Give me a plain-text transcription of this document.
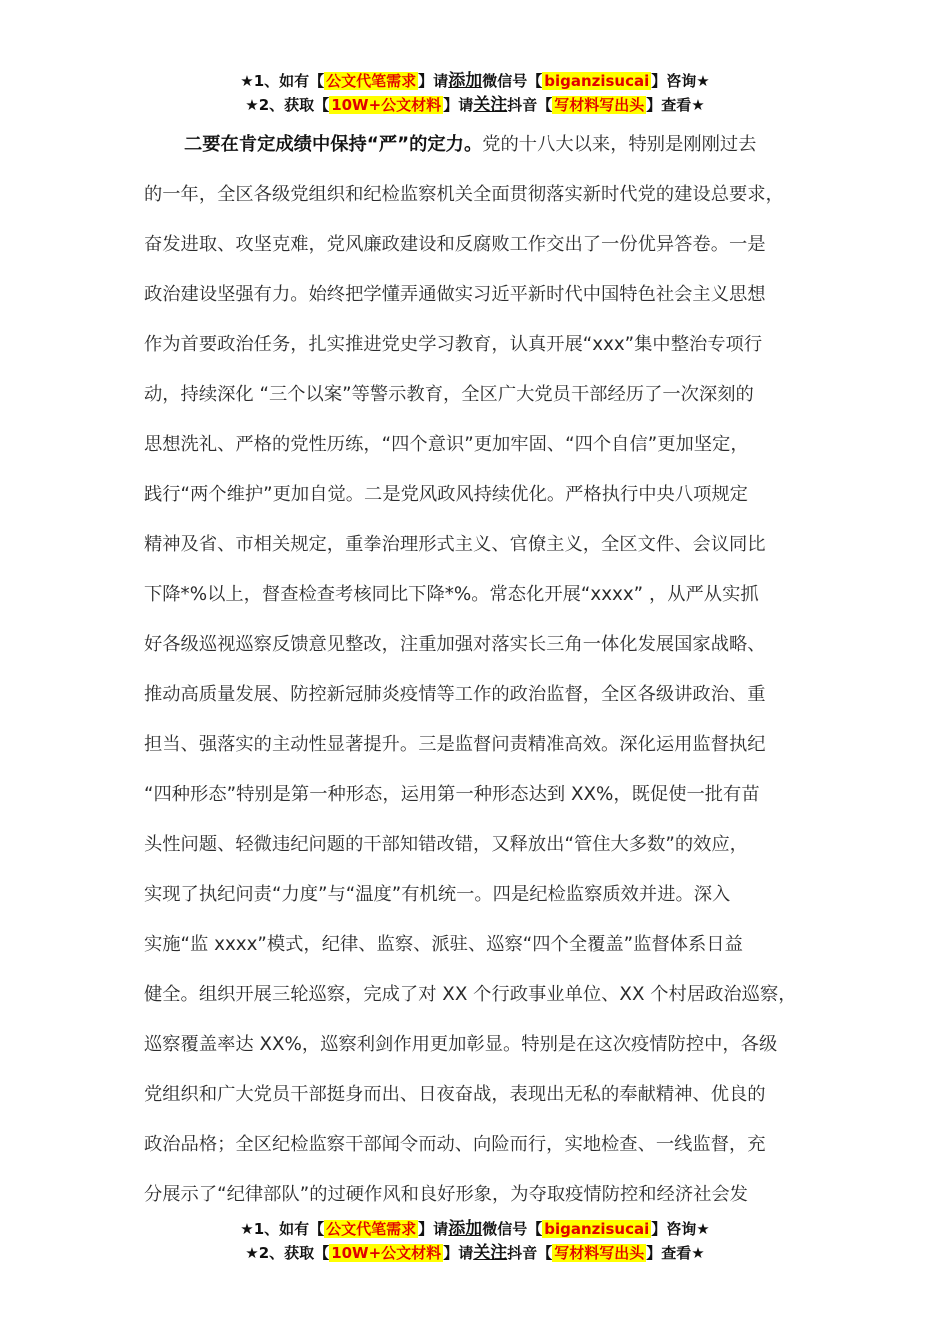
★1、如有【 公文代笔需求 】请添加微信号【 biganzisucai 】咨询★
★2、获取【 10W+公文材料 】请关注抖音【 写材料写出头 】查看★
二要在肯定成绩中保持“严”的定力。党的十八大以来，特别是刚刚过去
的一年，全区各级党组织和纪检监察机关全面贯彻落实新时代党的建设总要求，
奋发进取、攻坚克难，党风廉政建设和反腐败工作交出了一份优异答卷。一是
政治建设坚强有力。始终把学懂弄通做实习近平新时代中国特色社会主义思想
作为首要政治任务，扎实推进党史学习教育，认真开展“xxx”集中整治专项行
动，持续深化 “三个以案”等警示教育，全区广大党员干部经历了一次深刻的
思想洗礼、严格的党性历练，“四个意识”更加牢固、“四个自信”更加坚定，
践行“两个维护”更加自觉。二是党风政风持续优化。严格执行中央八项规定
精神及省、市相关规定，重拳治理形式主义、官僚主义，全区文件、会议同比
下降*%以上，督查检查考核同比下降*%。常态化开展“xxxx” ，从严从实抓
好各级巡视巡察反馈意见整改，注重加强对落实长三角一体化发展国家战略、
推动高质量发展、防控新冠肺炎疫情等工作的政治监督，全区各级讲政治、重
担当、强落实的主动性显著提升。三是监督问责精准高效。深化运用监督执纪
“四种形态”特别是第一种形态，运用第一种形态达到 XX%，既促使一批有苗
头性问题、轻微违纪问题的干部知错改错，又释放出“管住大多数”的效应，
实现了执纪问责“力度”与“温度”有机统一。四是纪检监察质效并进。深入
实施“监 xxxx”模式，纪律、监察、派驻、巡察“四个全覆盖”监督体系日益
健全。组织开展三轮巡察，完成了对 XX 个行政事业单位、XX 个村居政治巡察，
巡察覆盖率达 XX%，巡察利剑作用更加彰显。特别是在这次疫情防控中，各级
党组织和广大党员干部挺身而出、日夜奋战，表现出无私的奉献精神、优良的
政治品格；全区纪检监察干部闻令而动、向险而行，实地检查、一线监督，充
分展示了“纪律部队”的过硬作风和良好形象，为夺取疫情防控和经济社会发
★1、如有【 公文代笔需求 】请添加微信号【 biganzisucai 】咨询★
★2、获取【 10W+公文材料 】请关注抖音【 写材料写出头 】查看★
